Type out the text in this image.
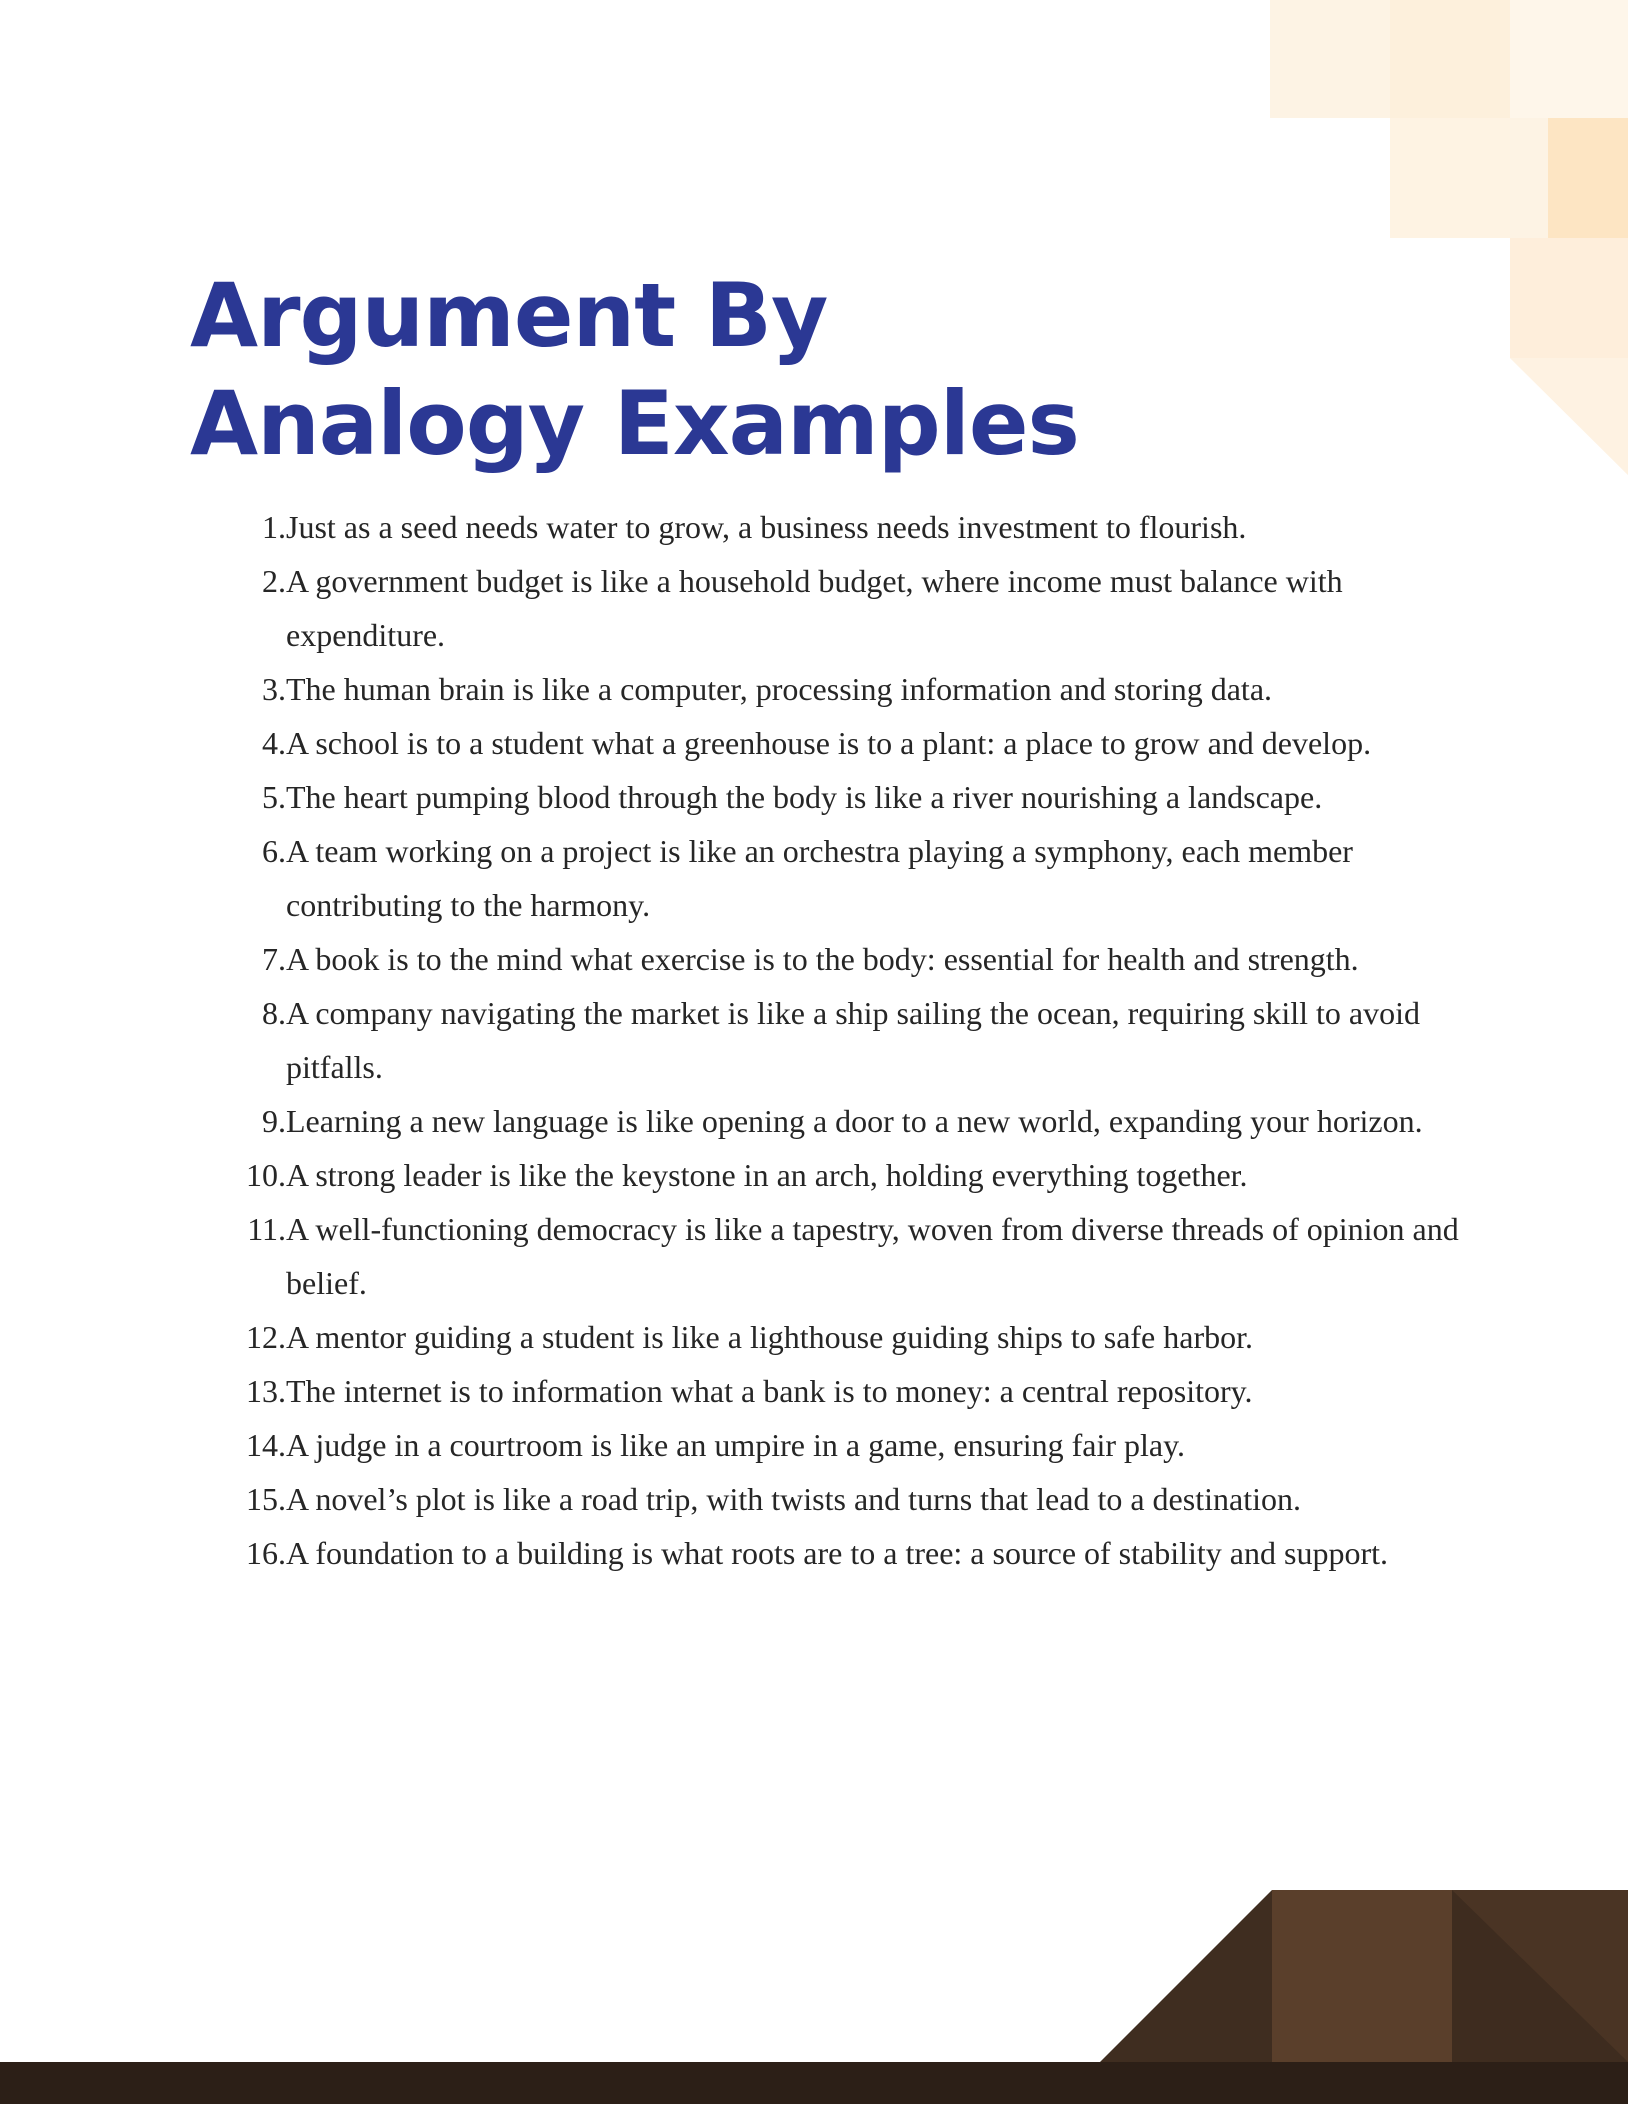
Argument By
Analogy Examples
1. Just as a seed needs water to grow, a business needs investment to flourish.
2. A government budget is like a household budget, where income must balance with expenditure.
3. The human brain is like a computer, processing information and storing data.
4. A school is to a student what a greenhouse is to a plant: a place to grow and develop.
5. The heart pumping blood through the body is like a river nourishing a landscape.
6. A team working on a project is like an orchestra playing a symphony, each member contributing to the harmony.
7. A book is to the mind what exercise is to the body: essential for health and strength.
8. A company navigating the market is like a ship sailing the ocean, requiring skill to avoid pitfalls.
9. Learning a new language is like opening a door to a new world, expanding your horizon.
10. A strong leader is like the keystone in an arch, holding everything together.
11. A well-functioning democracy is like a tapestry, woven from diverse threads of opinion and belief.
12. A mentor guiding a student is like a lighthouse guiding ships to safe harbor.
13. The internet is to information what a bank is to money: a central repository.
14. A judge in a courtroom is like an umpire in a game, ensuring fair play.
15. A novel’s plot is like a road trip, with twists and turns that lead to a destination.
16. A foundation to a building is what roots are to a tree: a source of stability and support.
